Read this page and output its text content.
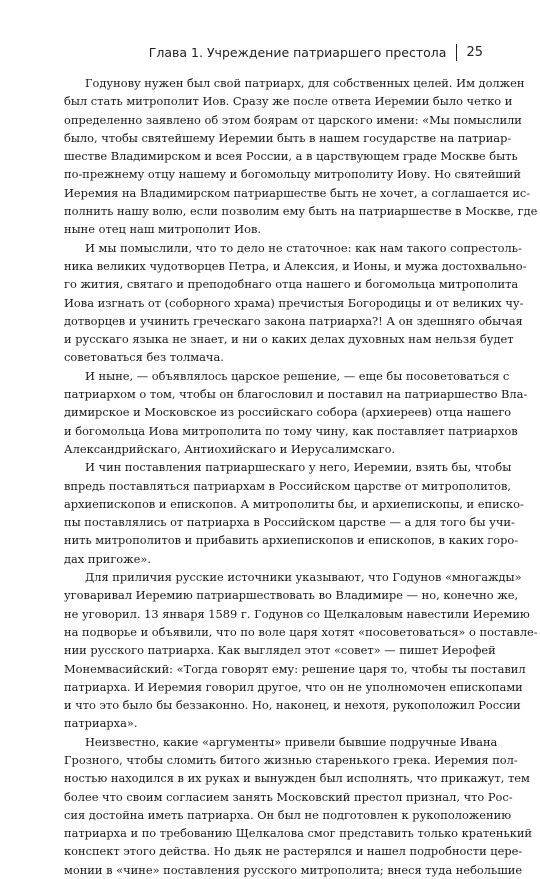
Глава 1. Учреждение патриаршего престола 25
Годунову нужен был свой патриарх, для собственных целей. Им должен
был стать митрополит Иов. Сразу же после ответа Иеремии было четко и
определенно заявлено об этом боярам от царского имени: «Мы помыслили
было, чтобы святейшему Иеремии быть в нашем государстве на патриар-
шестве Владимирском и всея России, а в царствующем граде Москве быть
по-прежнему отцу нашему и богомольцу митрополиту Иову. Но святейший
Иеремия на Владимирском патриаршестве быть не хочет, а соглашается ис-
полнить нашу волю, если позволим ему быть на патриаршестве в Москве, где
ныне отец наш митрополит Иов.
И мы помыслили, что то дело не статочное: как нам такого сопрестоль-
ника великих чудотворцев Петра, и Алексия, и Ионы, и мужа достохвально-
го жития, святаго и преподобнаго отца нашего и богомольца митрополита
Иова изгнать от (соборного храма) пречистыя Богородицы и от великих чу-
дотворцев и учинить греческаго закона патриарха?! А он здешняго обычая
и русскаго языка не знает, и ни о каких делах духовных нам нельзя будет
советоваться без толмача.
И ныне, — объявлялось царское решение, — еще бы посоветоваться с
патриархом о том, чтобы он благословил и поставил на патриаршество Вла-
димирское и Московское из российскаго собора (архиереев) отца нашего
и богомольца Иова митрополита по тому чину, как поставляет патриархов
Александрийскаго, Антиохийскаго и Иерусалимскаго.
И чин поставления патриаршескаго у него, Иеремии, взять бы, чтобы
впредь поставляться патриархам в Российском царстве от митрополитов,
архиепископов и епископов. А митрополиты бы, и архиепископы, и еписко-
пы поставлялись от патриарха в Российском царстве — а для того бы учи-
нить митрополитов и прибавить архиепископов и епископов, в каких горо-
дах пригоже».
Для приличия русские источники указывают, что Годунов «многажды»
уговаривал Иеремию патриаршествовать во Владимире — но, конечно же,
не уговорил. 13 января 1589 г. Годунов со Щелкаловым навестили Иеремию
на подворье и объявили, что по воле царя хотят «посоветоваться» о поставле-
нии русского патриарха. Как выглядел этот «совет» — пишет Иерофей
Монемвасийский: «Тогда говорят ему: решение царя то, чтобы ты поставил
патриарха. И Иеремия говорил другое, что он не уполномочен епископами
и что это было бы беззаконно. Но, наконец, и нехотя, рукоположил России
патриарха».
Неизвестно, какие «аргументы» привели бывшие подручные Ивана
Грозного, чтобы сломить битого жизнью старенького грека. Иеремия пол-
ностью находился в их руках и вынужден был исполнять, что прикажут, тем
более что своим согласием занять Московский престол признал, что Рос-
сия достойна иметь патриарха. Он был не подготовлен к рукоположению
патриарха и по требованию Щелкалова смог представить только кратенький
конспект этого действа. Но дьяк не растерялся и нашел подробности цере-
монии в «чине» поставления русского митрополита; внеся туда небольшие
